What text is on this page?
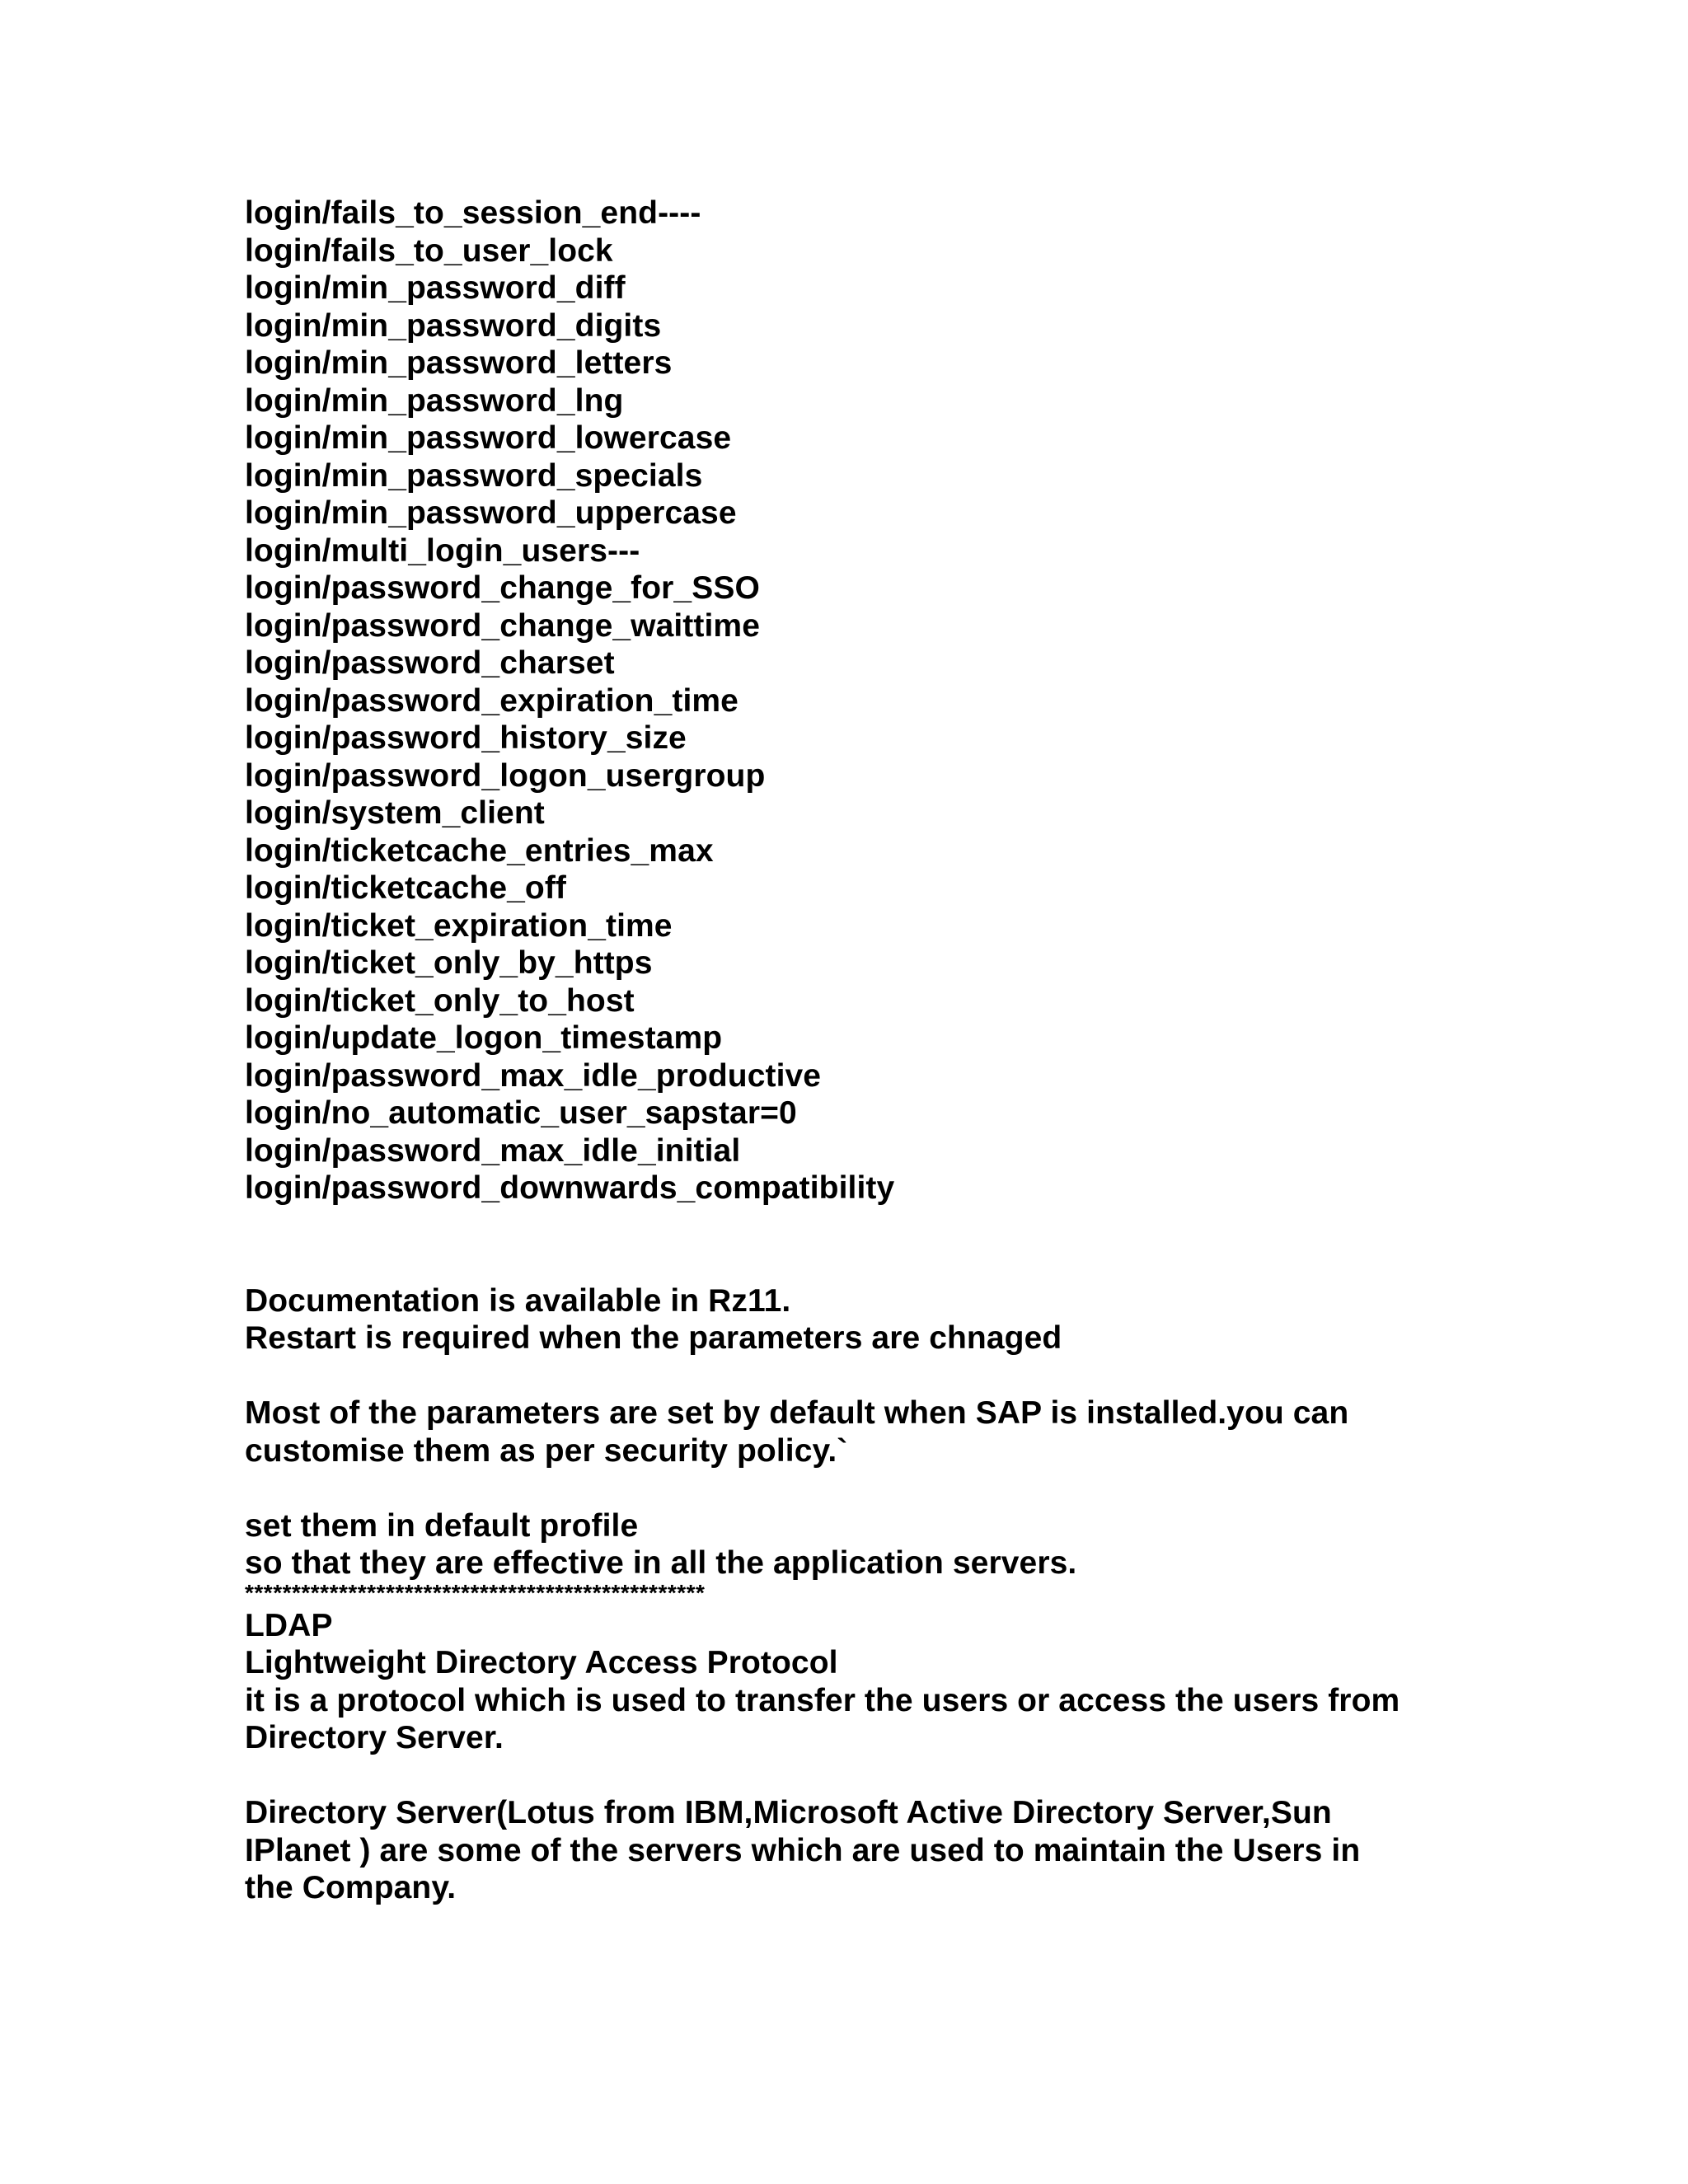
login/fails_to_session_end----
login/fails_to_user_lock
login/min_password_diff
login/min_password_digits
login/min_password_letters
login/min_password_lng
login/min_password_lowercase
login/min_password_specials
login/min_password_uppercase
login/multi_login_users---
login/password_change_for_SSO
login/password_change_waittime
login/password_charset
login/password_expiration_time
login/password_history_size
login/password_logon_usergroup
login/system_client
login/ticketcache_entries_max
login/ticketcache_off
login/ticket_expiration_time
login/ticket_only_by_https
login/ticket_only_to_host
login/update_logon_timestamp
login/password_max_idle_productive
login/no_automatic_user_sapstar=0
login/password_max_idle_initial
login/password_downwards_compatibility
Documentation is available in Rz11.
Restart is required when the parameters are chnaged
Most of the parameters are set by default when SAP is installed.you can
customise them as per security policy.`
set them in default profile
so that they are effective in all the application servers.
*************************************************
LDAP
Lightweight Directory Access Protocol
it is a protocol which is used to transfer the users or access the users from
Directory Server.
Directory Server(Lotus from IBM,Microsoft Active Directory Server,Sun
IPlanet ) are some of the servers which are used to maintain the Users in
the Company.
